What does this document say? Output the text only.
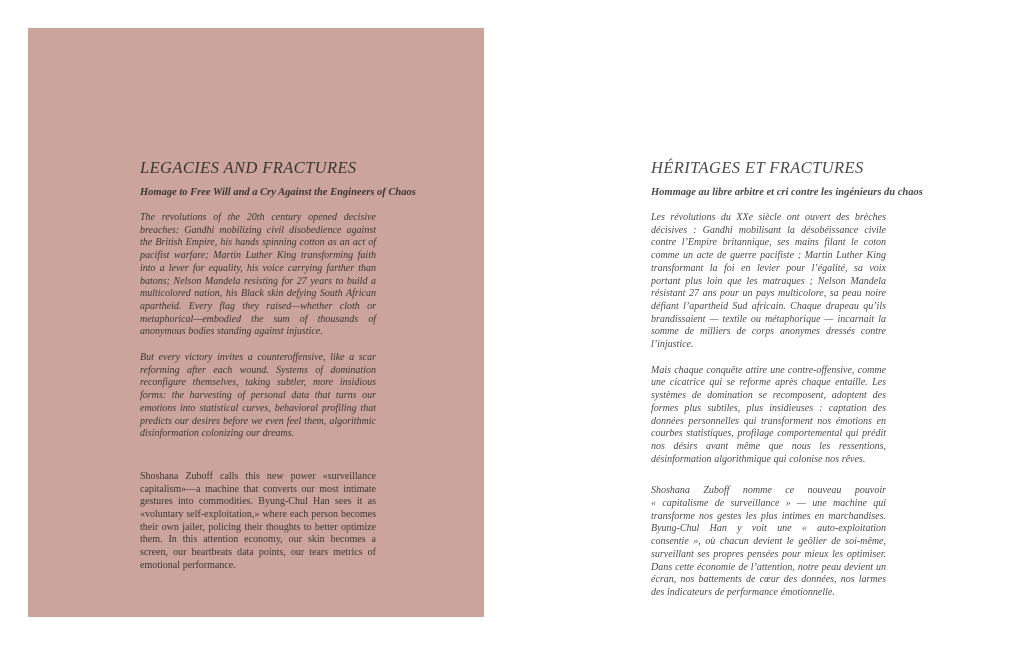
LEGACIES AND FRACTURES
Homage to Free Will and a Cry Against the Engineers of Chaos

The revolutions of the 20th century opened decisive breaches: Gandhi mobilizing civil disobedience against the British Empire, his hands spinning cotton as an act of pacifist warfare; Martin Luther King transforming faith into a lever for equality, his voice carrying farther than batons; Nelson Mandela resisting for 27 years to build a multicolored nation, his Black skin defying South African apartheid. Every flag they raised—whether cloth or metaphorical—embodied the sum of thousands of anonymous bodies standing against injustice.

But every victory invites a counteroffensive, like a scar reforming after each wound. Systems of domination reconfigure themselves, taking subtler, more insidious forms: the harvesting of personal data that turns our emotions into statistical curves, behavioral profiling that predicts our desires before we even feel them, algorithmic disinformation colonizing our dreams.

Shoshana Zuboff calls this new power «surveillance capitalism»—a machine that converts our most intimate gestures into commodities. Byung-Chul Han sees it as «voluntary self-exploitation,» where each person becomes their own jailer, policing their thoughts to better optimize them. In this attention economy, our skin becomes a screen, our heartbeats data points, our tears metrics of emotional performance.

HÉRITAGES ET FRACTURES
Hommage au libre arbitre et cri contre les ingénieurs du chaos

Les révolutions du XXe siècle ont ouvert des brèches décisives : Gandhi mobilisant la désobéissance civile contre l’Empire britannique, ses mains filant le coton comme un acte de guerre pacifiste ; Martin Luther King transformant la foi en levier pour l’égalité, sa voix portant plus loin que les matraques ; Nelson Mandela résistant 27 ans pour un pays multicolore, sa peau noire défiant l’apartheid Sud africain. Chaque drapeau qu’ils brandissaient — textile ou métaphorique — incarnait la somme de milliers de corps anonymes dressés contre l’injustice.

Mais chaque conquête attire une contre-offensive, comme une cicatrice qui se reforme après chaque entaille. Les systèmes de domination se recomposent, adoptent des formes plus subtiles, plus insidieuses : captation des données personnelles qui transforment nos émotions en courbes statistiques, profilage comportemental qui prédit nos désirs avant même que nous les ressentions, désinformation algorithmique qui colonise nos rêves.

Shoshana Zuboff nomme ce nouveau pouvoir « capitalisme de surveillance » — une machine qui transforme nos gestes les plus intimes en marchandises. Byung-Chul Han y voit une « auto-exploitation consentie », où chacun devient le geôlier de soi-même, surveillant ses propres pensées pour mieux les optimiser. Dans cette économie de l’attention, notre peau devient un écran, nos battements de cœur des données, nos larmes des indicateurs de performance émotionnelle.
